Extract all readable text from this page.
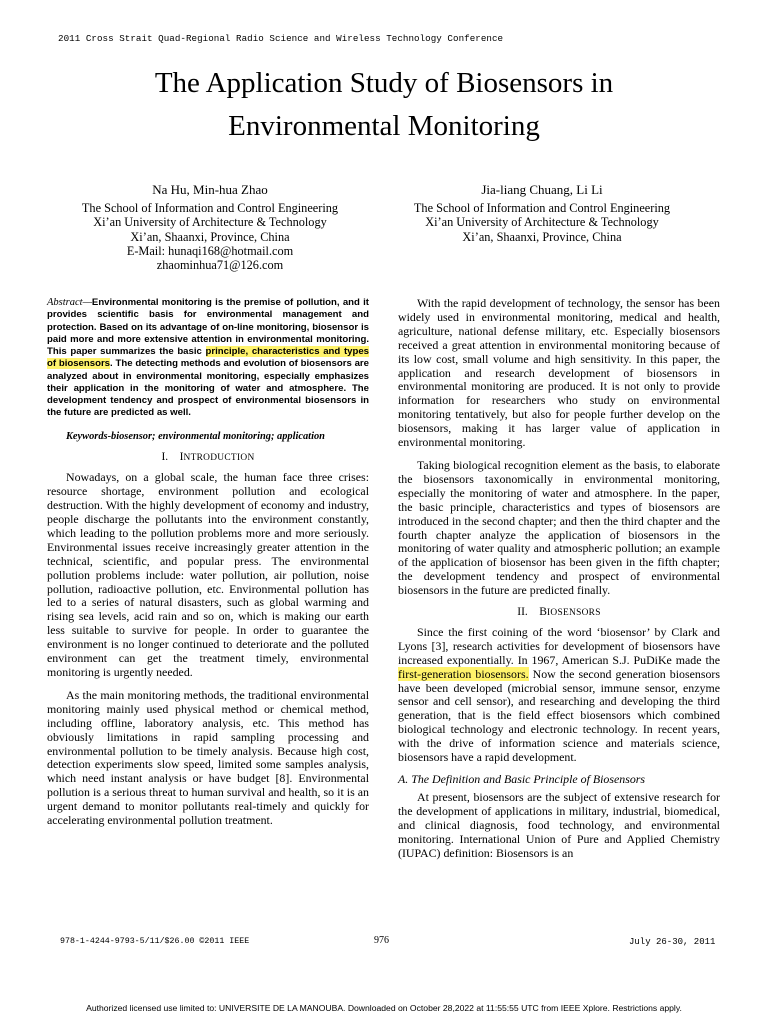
2011 Cross Strait Quad-Regional Radio Science and Wireless Technology Conference
The Application Study of Biosensors in
Environmental Monitoring
Na Hu, Min-hua Zhao
The School of Information and Control Engineering
Xi’an University of Architecture & Technology
Xi’an, Shaanxi, Province, China
E-Mail: hunaqi168@hotmail.com
zhaominhua71@126.com
Jia-liang Chuang, Li Li
The School of Information and Control Engineering
Xi’an University of Architecture & Technology
Xi’an, Shaanxi, Province, China

Abstract—Environmental monitoring is the premise of pollution, and it provides scientific basis for environmental management and protection. Based on its advantage of on-line monitoring, biosensor is paid more and more extensive attention in environmental monitoring. This paper summarizes the basic principle, characteristics and types of biosensors. The detecting methods and evolution of biosensors are analyzed about in environmental monitoring, especially emphasizes their application in the monitoring of water and atmosphere. The development tendency and prospect of environmental biosensors in the future are predicted as well.

Keywords-biosensor; environmental monitoring; application

I. INTRODUCTION

Nowadays, on a global scale, the human face three crises: resource shortage, environment pollution and ecological destruction. With the highly development of economy and industry, people discharge the pollutants into the environment constantly, which leading to the pollution problems more and more seriously. Environmental issues receive increasingly greater attention in the technical, scientific, and popular press. The environmental pollution problems include: water pollution, air pollution, noise pollution, radioactive pollution, etc. Environmental pollution has led to a series of natural disasters, such as global warming and rising sea levels, acid rain and so on, which is making our earth less suitable to survive for people. In order to guarantee the environment is no longer continued to deteriorate and the polluted environment can get the treatment timely, environmental monitoring is urgently needed.

As the main monitoring methods, the traditional environmental monitoring mainly used physical method or chemical method, including offline, laboratory analysis, etc. This method has obviously limitations in rapid sampling processing and environmental pollution to be timely analysis. Because high cost, detection experiments slow speed, limited some samples analysis, which need instant analysis or have budget [8]. Environmental pollution is a serious threat to human survival and health, so it is an urgent demand to monitor pollutants real-timely and quickly for accelerating environmental pollution treatment.

With the rapid development of technology, the sensor has been widely used in environmental monitoring, medical and health, agriculture, national defense military, etc. Especially biosensors received a great attention in environmental monitoring because of its low cost, small volume and high sensitivity. In this paper, the application and research development of biosensors in environmental monitoring are produced. It is not only to provide information for researchers who study on environmental monitoring tentatively, but also for people further develop on the biosensors, making it has larger value of application in environmental monitoring.

Taking biological recognition element as the basis, to elaborate the biosensors taxonomically in environmental monitoring, especially the monitoring of water and atmosphere. In the paper, the basic principle, characteristics and types of biosensors are introduced in the second chapter; and then the third chapter and the fourth chapter analyze the application of biosensors in the monitoring of water quality and atmospheric pollution; an example of the application of biosensor has been given in the fifth chapter; the development tendency and prospect of environmental biosensors in the future are predicted finally.

II. BIOSENSORS

Since the first coining of the word ‘biosensor’ by Clark and Lyons [3], research activities for development of biosensors have increased exponentially. In 1967, American S.J. PuDiKe made the first-generation biosensors. Now the second generation biosensors have been developed (microbial sensor, immune sensor, enzyme sensor and cell sensor), and researching and developing the third generation, that is the field effect biosensors which combined biological technology and electronic technology. In recent years, with the drive of information science and materials science, biosensors have a rapid development.

A. The Definition and Basic Principle of Biosensors

At present, biosensors are the subject of extensive research for the development of applications in military, industrial, biomedical, and clinical diagnosis, food technology, and environmental monitoring. International Union of Pure and Applied Chemistry (IUPAC) definition: Biosensors is an

978-1-4244-9793-5/11/$26.00 ©2011 IEEE	976	July 26-30, 2011
Authorized licensed use limited to: UNIVERSITE DE LA MANOUBA. Downloaded on October 28,2022 at 11:55:55 UTC from IEEE Xplore. Restrictions apply.
